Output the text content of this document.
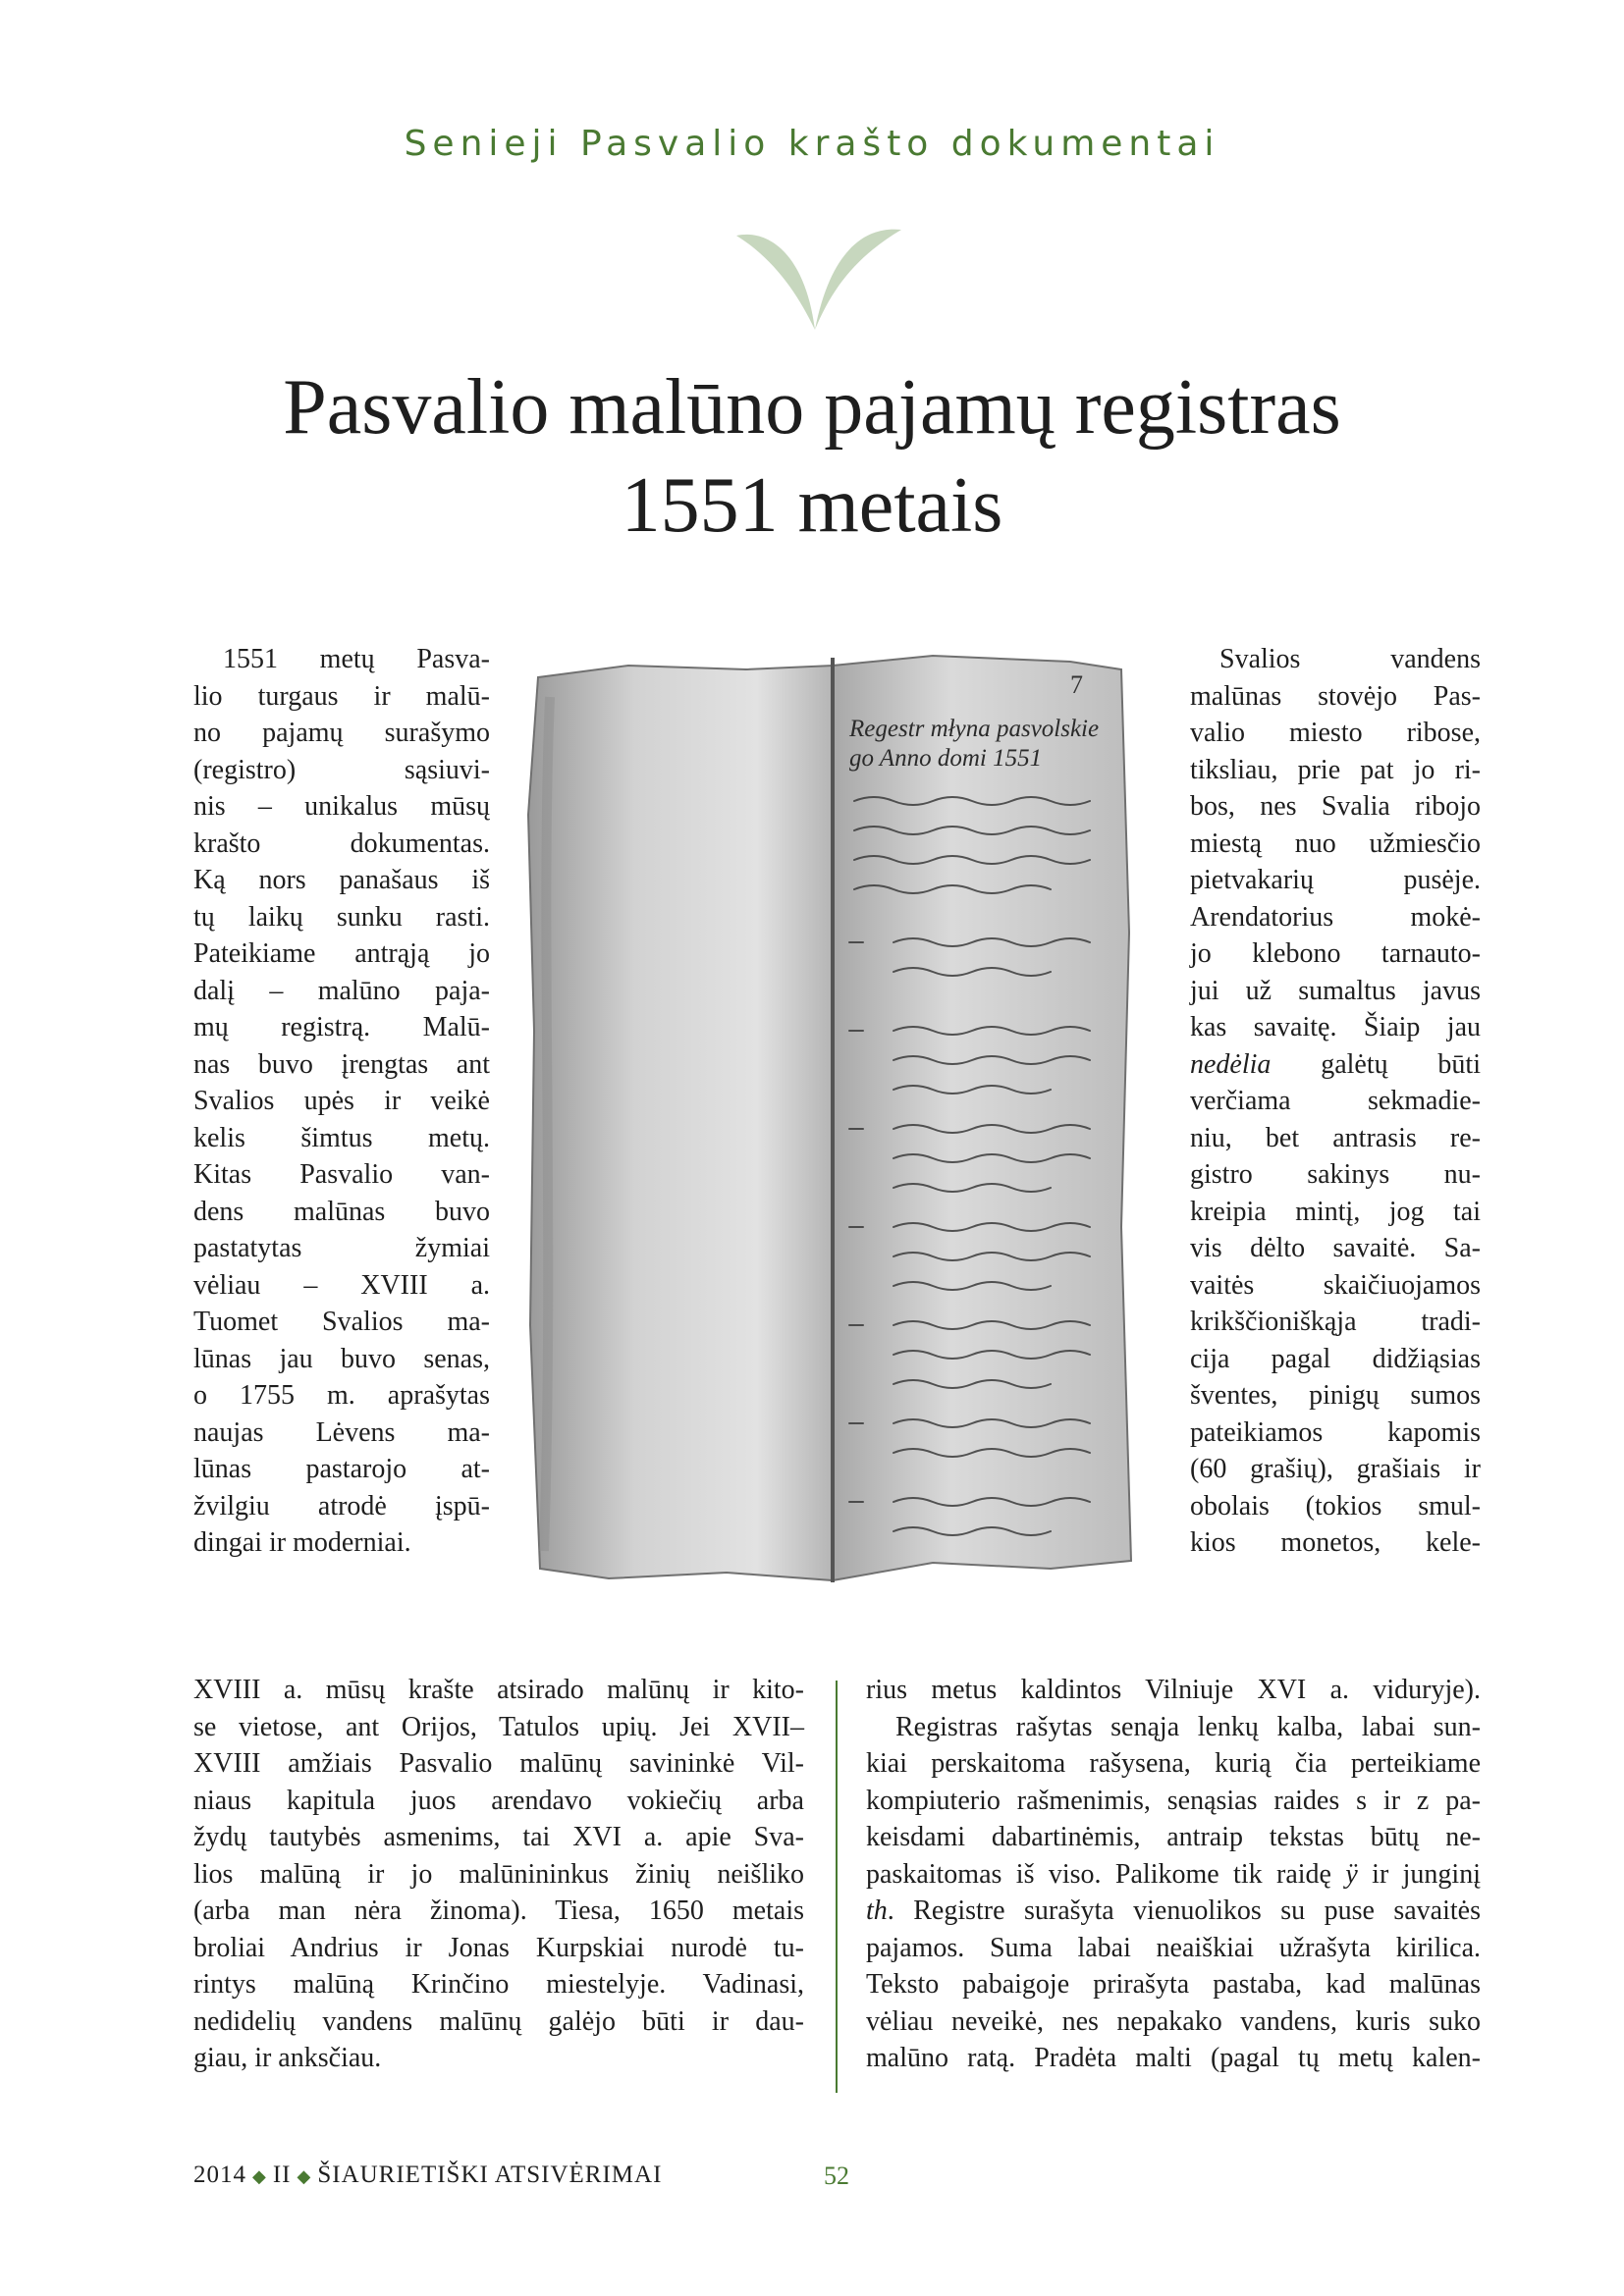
Senieji Pasvalio krašto dokumentai
Pasvalio malūno pajamų registras
1551 metais
1551 metų Pasva-
lio turgaus ir malū-
no pajamų surašymo
(registro) sąsiuvi-
nis – unikalus mūsų
krašto dokumentas.
Ką nors panašaus iš
tų laikų sunku rasti.
Pateikiame antrąją jo
dalį – malūno paja-
mų registrą. Malū-
nas buvo įrengtas ant
Svalios upės ir veikė
kelis šimtus metų.
Kitas Pasvalio van-
dens malūnas buvo
pastatytas žymiai
vėliau – XVIII a.
Tuomet Svalios ma-
lūnas jau buvo senas,
o 1755 m. aprašytas
naujas Lėvens ma-
lūnas pastarojo at-
žvilgiu atrodė įspū-
dingai ir moderniai.
7
Regestr młyna pasvolskie
go Anno domi 1551
Svalios vandens
malūnas stovėjo Pas-
valio miesto ribose,
tiksliau, prie pat jo ri-
bos, nes Svalia ribojo
miestą nuo užmiesčio
pietvakarių pusėje.
Arendatorius mokė-
jo klebono tarnauto-
jui už sumaltus javus
kas savaitę. Šiaip jau
nedėlia galėtų būti
verčiama sekmadie-
niu, bet antrasis re-
gistro sakinys nu-
kreipia mintį, jog tai
vis dėlto savaitė. Sa-
vaitės skaičiuojamos
krikščioniškąja tradi-
cija pagal didžiąsias
šventes, pinigų sumos
pateikiamos kapomis
(60 grašių), grašiais ir
obolais (tokios smul-
kios monetos, kele-
XVIII a. mūsų krašte atsirado malūnų ir kito-
se vietose, ant Orijos, Tatulos upių. Jei XVII–
XVIII amžiais Pasvalio malūnų savininkė Vil-
niaus kapitula juos arendavo vokiečių arba
žydų tautybės asmenims, tai XVI a. apie Sva-
lios malūną ir jo malūnininkus žinių neišliko
(arba man nėra žinoma). Tiesa, 1650 metais
broliai Andrius ir Jonas Kurpskiai nurodė tu-
rintys malūną Krinčino miestelyje. Vadinasi,
nedidelių vandens malūnų galėjo būti ir dau-
giau, ir anksčiau.
rius metus kaldintos Vilniuje XVI a. viduryje).
Registras rašytas senąja lenkų kalba, labai sun-
kiai perskaitoma rašysena, kurią čia perteikiame
kompiuterio rašmenimis, senąsias raides s ir z pa-
keisdami dabartinėmis, antraip tekstas būtų ne-
paskaitomas iš viso. Palikome tik raidę ÿ ir junginį
th. Registre surašyta vienuolikos su puse savaitės
pajamos. Suma labai neaiškiai užrašyta kirilica.
Teksto pabaigoje prirašyta pastaba, kad malūnas
vėliau neveikė, nes nepakako vandens, kuris suko
malūno ratą. Pradėta malti (pagal tų metų kalen-
2014 ◆ II ◆ ŠIAURIETIŠKI ATSIVĖRIMAI	52
